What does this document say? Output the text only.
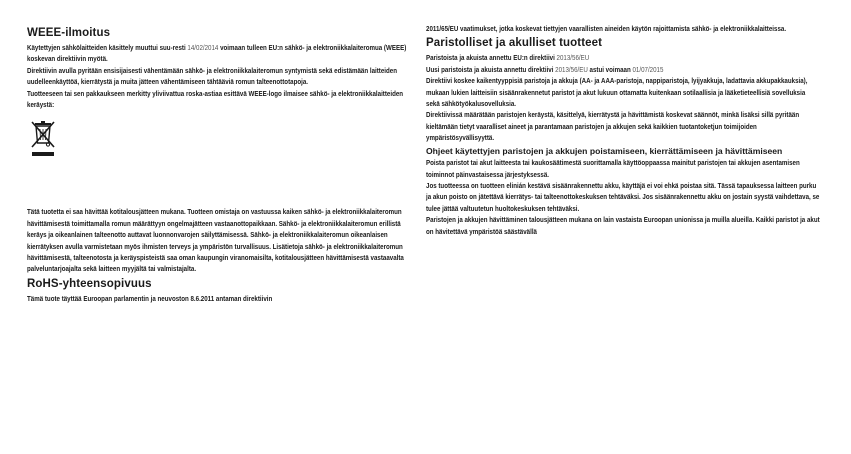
WEEE-ilmoitus

Käytettyjen sähkölaitteiden käsittely muuttui suu-resti 14/02/2014 voimaan tulleen EU:n sähkö- ja elektroniikkalaiteromua (WEEE) koskevan direktiivin myötä.

Direktiivin avulla pyritään ensisijaisesti vähentämään sähkö- ja elektroniikkalaiteromun syntymistä sekä edistämään laitteiden uudelleenkäyttöä, kierrätystä ja muita jätteen vähentämiseen tähtääviä romun talteenottotapoja.

Tuotteeseen tai sen pakkaukseen merkitty yliviivattua roska-astiaa esittävä WEEE-logo ilmaisee sähkö- ja elektroniikkalaitteiden keräystä:

Tätä tuotetta ei saa hävittää kotitalousjätteen mukana. Tuotteen omistaja on vastuussa kaiken sähkö- ja elektroniikkalaiteromun hävittämisestä toimittamalla romun määrättyyn ongelmajätteen vastaanottopaikkaan. Sähkö- ja elektroniikkalaiteromun erillistä keräys ja oikeanlainen talteenotto auttavat luonnonvarojen säilyttämisessä. Sähkö- ja elektroniikkalaiteromun oikeanlaisen kierrätyksen avulla varmistetaan myös ihmisten terveys ja ympäristön turvallisuus. Lisätietoja sähkö- ja elektroniikkalaiteromun hävittämisestä, talteenotosta ja keräyspisteistä saa oman kaupungin viranomaisilta, kotitalousjätteen hävittämisestä vastaavalta palveluntarjoajalta sekä laitteen myyjältä tai valmistajalta.

RoHS-yhteensopivuus

Tämä tuote täyttää Euroopan parlamentin ja neuvoston 8.6.2011 antaman direktiivin

2011/65/EU vaatimukset, jotka koskevat tiettyjen vaarallisten aineiden käytön rajoittamista sähkö- ja elektroniikkalaitteissa.

Paristolliset ja akulliset tuotteet

Paristoista ja akuista annettu EU:n direktiivi 2013/56/EU

Uusi paristoista ja akuista annettu direktiivi 2013/56/EU astui voimaan 01/07/2015

Direktiivi koskee kaikentyyppisiä paristoja ja akkuja (AA- ja AAA-paristoja, nappiparistoja, lyijyakkuja, ladattavia akkupakkauksia), mukaan lukien laitteisiin sisäänrakennetut paristot ja akut lukuun ottamatta kuitenkaan sotilaallisia ja lääketieteellisiä sovelluksia sekä sähkötyökalusovelluksia.

Direktiivissä määrätään paristojen keräystä, käsittelyä, kierrätystä ja hävittämistä koskevat säännöt, minkä lisäksi sillä pyritään kieltämään tietyt vaaralliset aineet ja parantamaan paristojen ja akkujen sekä kaikkien tuotantoketjun toimijoiden ympäristösyvällisyyttä.

Ohjeet käytettyjen paristojen ja akkujen poistamiseen, kierrättämiseen ja hävittämiseen

Poista paristot tai akut laitteesta tai kaukosäätimestä suorittamalla käyttöoppaassa mainitut paristojen tai akkujen asentamisen toiminnot päinvastaisessa järjestyksessä.

Jos tuotteessa on tuotteen elinián kestävä sisäänrakennettu akku, käyttäjä ei voi ehkä poistaa sitä. Tässä tapauksessa laitteen purku ja akun poisto on jätettävä kierrätys- tai talteenottokeskuksen tehtäväksi. Jos sisäänrakennettu akku on jostain syystä vaihdettava, se tulee jättää valtuutetun huoltokeskuksen tehtäväksi.

Paristojen ja akkujen hävittäminen talousjätteen mukana on lain vastaista Euroopan unionissa ja muilla alueilla. Kaikki paristot ja akut on hävitettävä ympäristöä säästävällä
